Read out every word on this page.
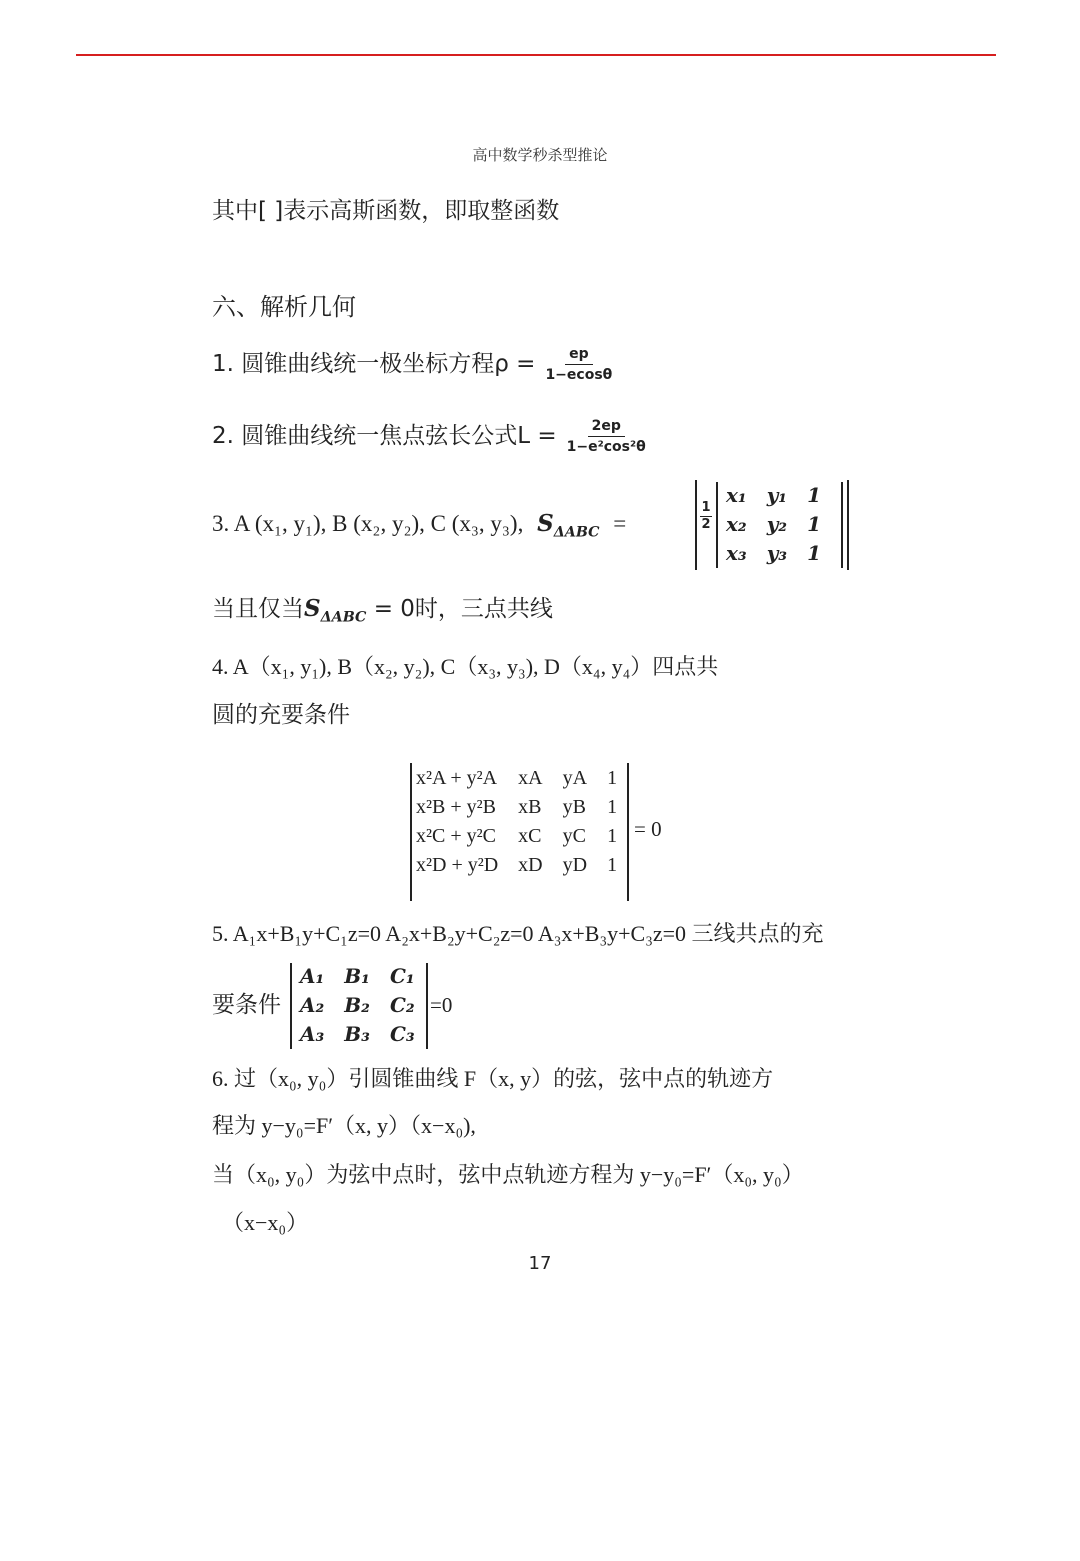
高中数学秒杀型推论
其中[ ]表示高斯函数，即取整函数
六、解析几何
1. 圆锥曲线统一极坐标方程$\rho = \frac{ep}{1-ecos\theta}$
2. 圆锥曲线统一焦点弦长公式$L = \frac{2ep}{\text{1−e²cos²θ}}$
3. A (x₁, y₁), B (x₂, y₂), C (x₃, y₃), $S_{\Delta ABC}$ =	$\frac{1}{2}$
x₁	y₁	1
x₂	y₂	1
x₃	y₃	1
当且仅当$S_{\Delta ABC} = 0$时，三点共线
4. A（x₁, y₁), B（x₂, y₂), C（x₃, y₃), D（x₄, y₄）四点共
圆的充要条件
x²A + y²A	xA	yA	1
x²B + y²B	xB	yB	1
x²C + y²C	xC	yC	1
x²D + y²D	xD	yD	1
= 0
5. A₁x+B₁y+C₁z=0 A₂x+B₂y+C₂z=0 A₃x+B₃y+C₃z=0 三线共点的充
要条件
A₁	B₁	C₁
A₂	B₂	C₂
A₃	B₃	C₃
=0
6. 过（x₀, y₀）引圆锥曲线 F（x, y）的弦，弦中点的轨迹方
程为 y−y₀=F′（x, y）（x−x₀),
当（x₀, y₀）为弦中点时，弦中点轨迹方程为 y−y₀=F′（x₀, y₀）
（x−x₀）
17
